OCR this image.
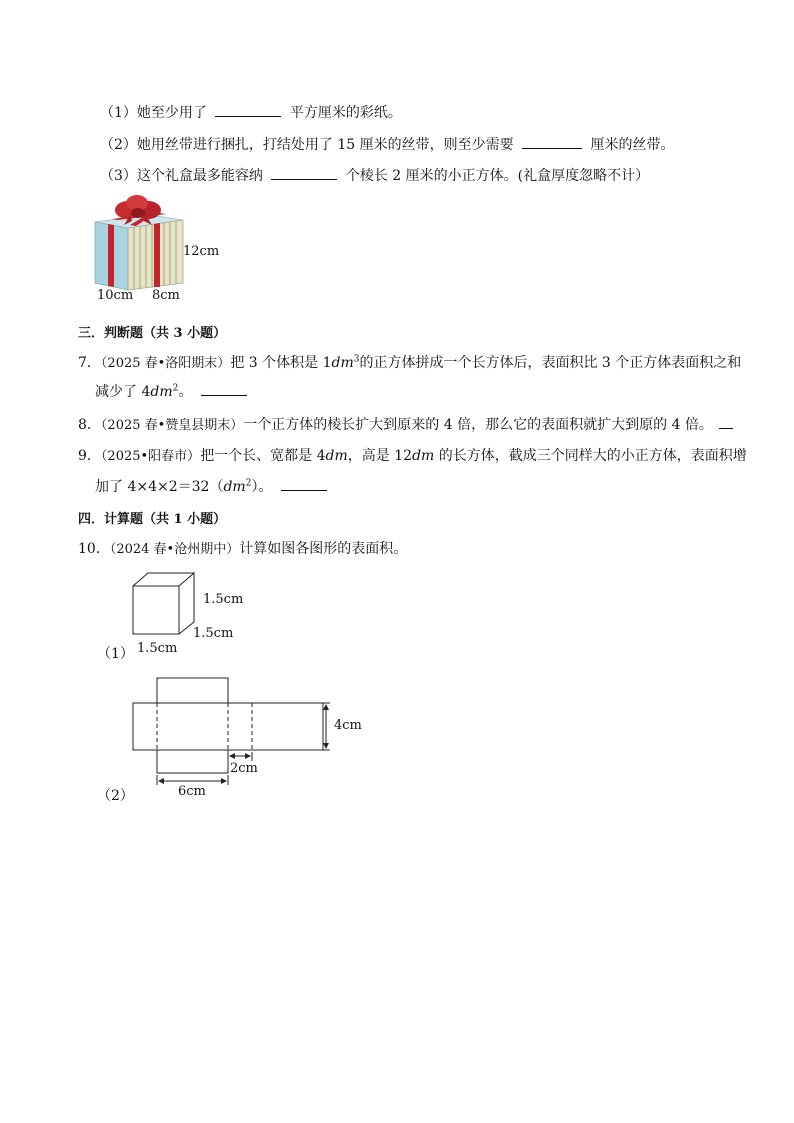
（1）她至少用了	平方厘米的彩纸。
（2）她用丝带进行捆扎，打结处用了 15 厘米的丝带，则至少需要	厘米的丝带。
（3）这个礼盒最多能容纳	个棱长 2 厘米的小正方体。(礼盒厚度忽略不计）
12cm
10cm 8cm
三．判断题（共 3 小题）
7．（2025 春•洛阳期末）把 3 个体积是 $1dm^3$的正方体拼成一个长方体后，表面积比 3 个正方体表面积之和
减少了 $4dm^2$。
8．（2025 春•赞皇县期末）一个正方体的棱长扩大到原来的 4 倍，那么它的表面积就扩大到原的 4 倍。
9．（2025•阳春市）把一个长、宽都是 4dm，高是 12dm 的长方体，截成三个同样大的小正方体，表面积增
加了 $4\times 4\times 2=32(dm^2)$。
四．计算题（共 1 小题）
10．（2024 春•沧州期中）计算如图各图形的表面积。
1.5cm
1.5cm
1.5cm
（1）
4cm
2cm
6cm
（2）
